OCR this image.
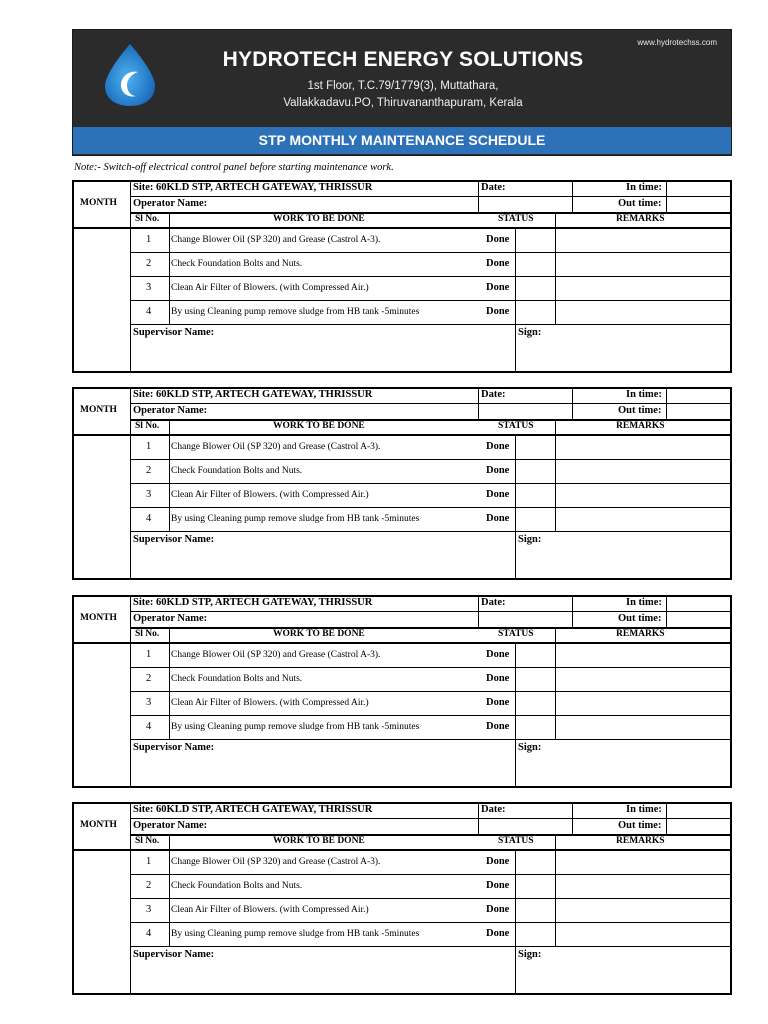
www.hydrotechss.com
HYDROTECH ENERGY SOLUTIONS
1st Floor, T.C.79/1779(3), Muttathara,
Vallakkadavu.PO, Thiruvananthapuram, Kerala
STP MONTHLY MAINTENANCE SCHEDULE
Note:- Switch-off electrical control panel before starting maintenance work.
MONTH
Site: 60KLD STP, ARTECH GATEWAY, THRISSUR	Date:	In time:
Operator Name:	Out time:
Sl No.	WORK TO BE DONE	STATUS	REMARKS
1 Change Blower Oil (SP 320) and Grease (Castrol A-3).	Done
2 Check Foundation Bolts and Nuts.	Done
3 Clean Air Filter of Blowers. (with Compressed Air.)	Done
4 By using Cleaning pump remove sludge from HB tank -5minutes	Done
Supervisor Name:	Sign:
MONTH
Site: 60KLD STP, ARTECH GATEWAY, THRISSUR	Date:	In time:
Operator Name:	Out time:
Sl No.	WORK TO BE DONE	STATUS	REMARKS
1 Change Blower Oil (SP 320) and Grease (Castrol A-3).	Done
2 Check Foundation Bolts and Nuts.	Done
3 Clean Air Filter of Blowers. (with Compressed Air.)	Done
4 By using Cleaning pump remove sludge from HB tank -5minutes	Done
Supervisor Name:	Sign:
MONTH
Site: 60KLD STP, ARTECH GATEWAY, THRISSUR	Date:	In time:
Operator Name:	Out time:
Sl No.	WORK TO BE DONE	STATUS	REMARKS
1 Change Blower Oil (SP 320) and Grease (Castrol A-3).	Done
2 Check Foundation Bolts and Nuts.	Done
3 Clean Air Filter of Blowers. (with Compressed Air.)	Done
4 By using Cleaning pump remove sludge from HB tank -5minutes	Done
Supervisor Name:	Sign:
MONTH
Site: 60KLD STP, ARTECH GATEWAY, THRISSUR	Date:	In time:
Operator Name:	Out time:
Sl No.	WORK TO BE DONE	STATUS	REMARKS
1 Change Blower Oil (SP 320) and Grease (Castrol A-3).	Done
2 Check Foundation Bolts and Nuts.	Done
3 Clean Air Filter of Blowers. (with Compressed Air.)	Done
4 By using Cleaning pump remove sludge from HB tank -5minutes	Done
Supervisor Name:	Sign:
